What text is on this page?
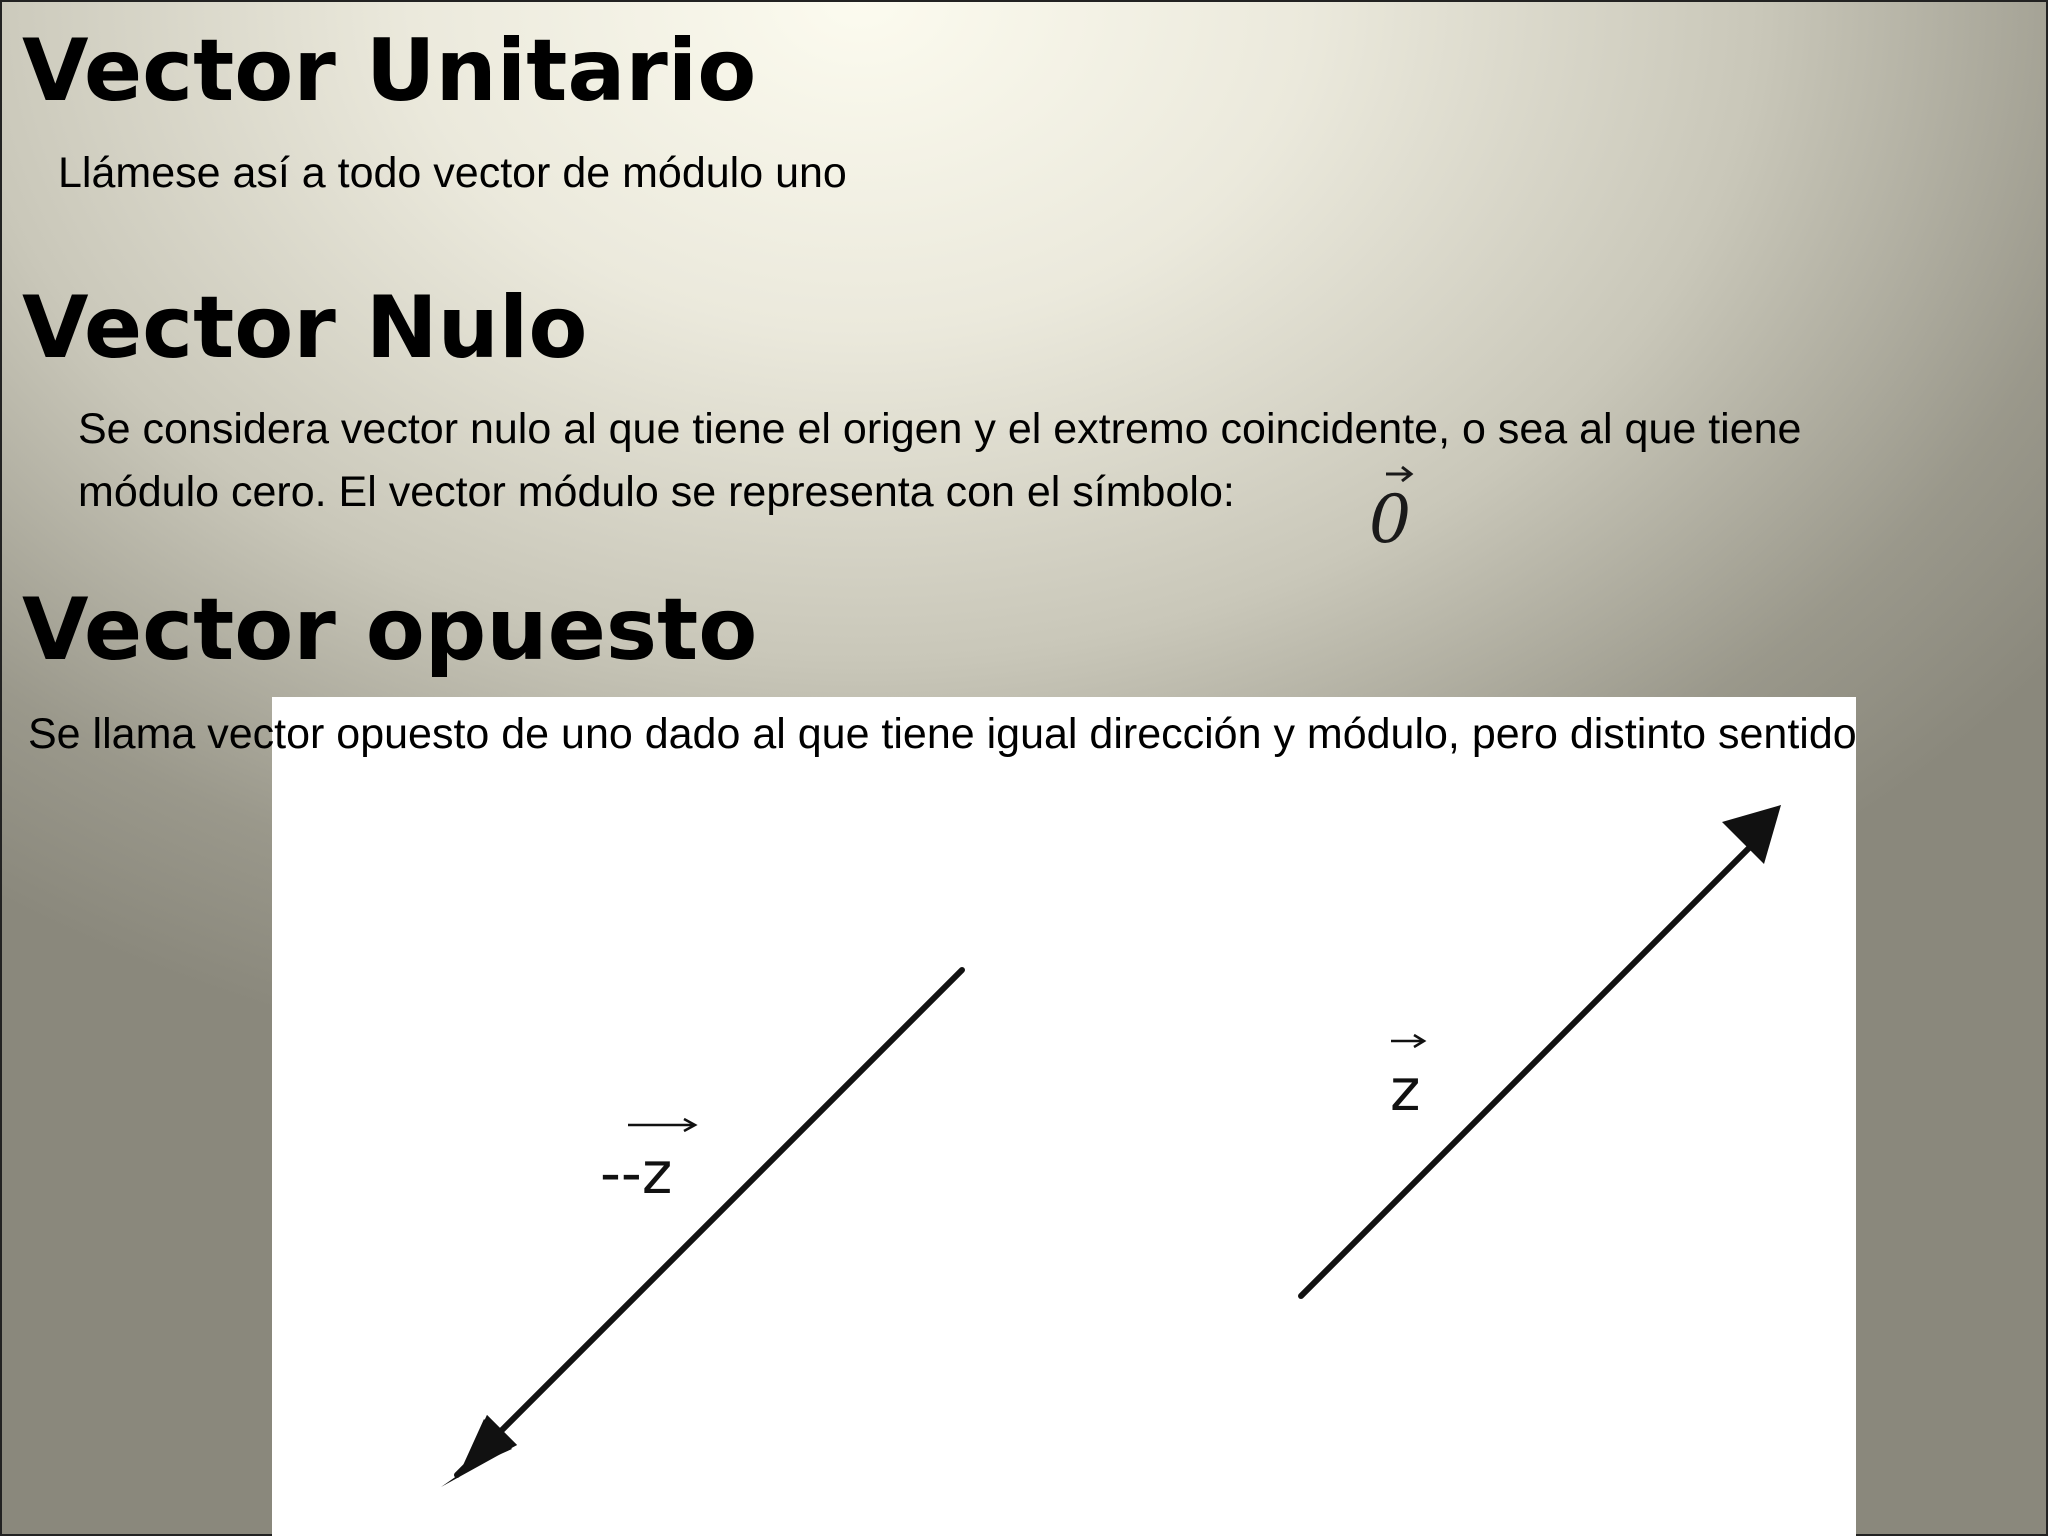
Vector Unitario

Llámese así a todo vector de módulo uno

Vector Nulo

Se considera vector nulo al que tiene el origen y el extremo coincidente, o sea al que tiene

módulo cero. El vector módulo se representa con el símbolo: 0
Vector opuesto

Se llama vector opuesto de uno dado al que tiene igual dirección y módulo, pero distinto sentido

--z
z
